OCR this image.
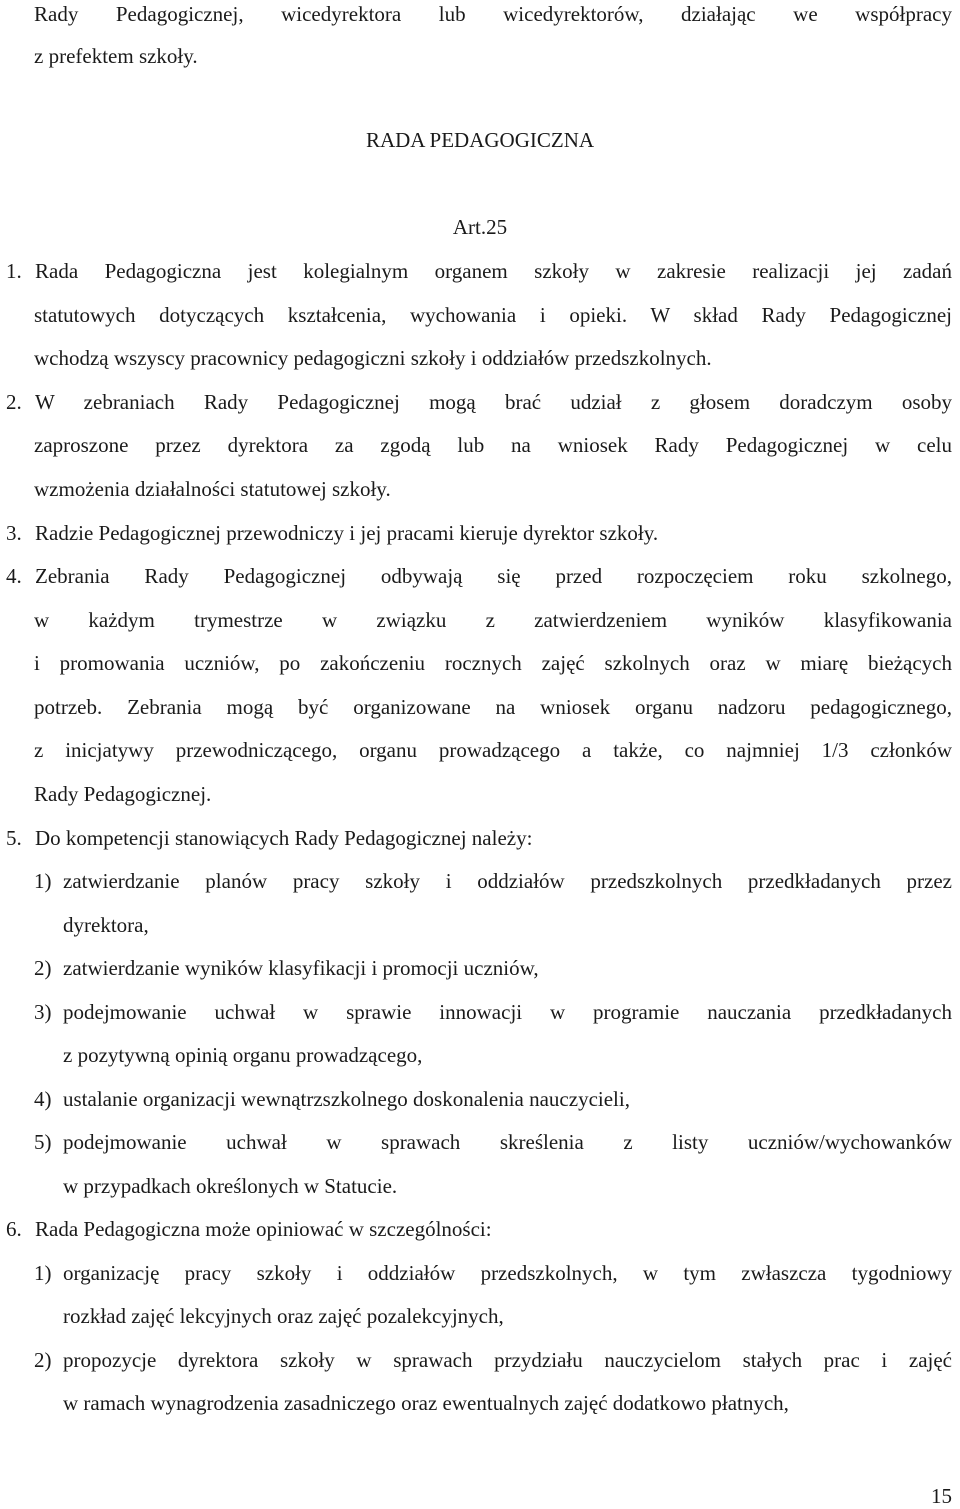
Rady Pedagogicznej, wicedyrektora lub wicedyrektorów, działając we współpracy
z prefektem szkoły.
RADA PEDAGOGICZNA
Art.25
1. Rada Pedagogiczna jest kolegialnym organem szkoły w zakresie realizacji jej zadań
statutowych dotyczących kształcenia, wychowania i opieki. W skład Rady Pedagogicznej
wchodzą wszyscy pracownicy pedagogiczni szkoły i oddziałów przedszkolnych.
2. W zebraniach Rady Pedagogicznej mogą brać udział z głosem doradczym osoby
zaproszone przez dyrektora za zgodą lub na wniosek Rady Pedagogicznej w celu
wzmożenia działalności statutowej szkoły.
3. Radzie Pedagogicznej przewodniczy i jej pracami kieruje dyrektor szkoły.
4. Zebrania Rady Pedagogicznej odbywają się przed rozpoczęciem roku szkolnego,
w każdym trymestrze w związku z zatwierdzeniem wyników klasyfikowania
i promowania uczniów, po zakończeniu rocznych zajęć szkolnych oraz w miarę bieżących
potrzeb. Zebrania mogą być organizowane na wniosek organu nadzoru pedagogicznego,
z inicjatywy przewodniczącego, organu prowadzącego a także, co najmniej 1/3 członków
Rady Pedagogicznej.
5. Do kompetencji stanowiących Rady Pedagogicznej należy:
1) zatwierdzanie planów pracy szkoły i oddziałów przedszkolnych przedkładanych przez
dyrektora,
2) zatwierdzanie wyników klasyfikacji i promocji uczniów,
3) podejmowanie uchwał w sprawie innowacji w programie nauczania przedkładanych
z pozytywną opinią organu prowadzącego,
4) ustalanie organizacji wewnątrzszkolnego doskonalenia nauczycieli,
5) podejmowanie uchwał w sprawach skreślenia z listy uczniów/wychowanków
w przypadkach określonych w Statucie.
6. Rada Pedagogiczna może opiniować w szczególności:
1) organizację pracy szkoły i oddziałów przedszkolnych, w tym zwłaszcza tygodniowy
rozkład zajęć lekcyjnych oraz zajęć pozalekcyjnych,
2) propozycje dyrektora szkoły w sprawach przydziału nauczycielom stałych prac i zajęć
w ramach wynagrodzenia zasadniczego oraz ewentualnych zajęć dodatkowo płatnych,
15
